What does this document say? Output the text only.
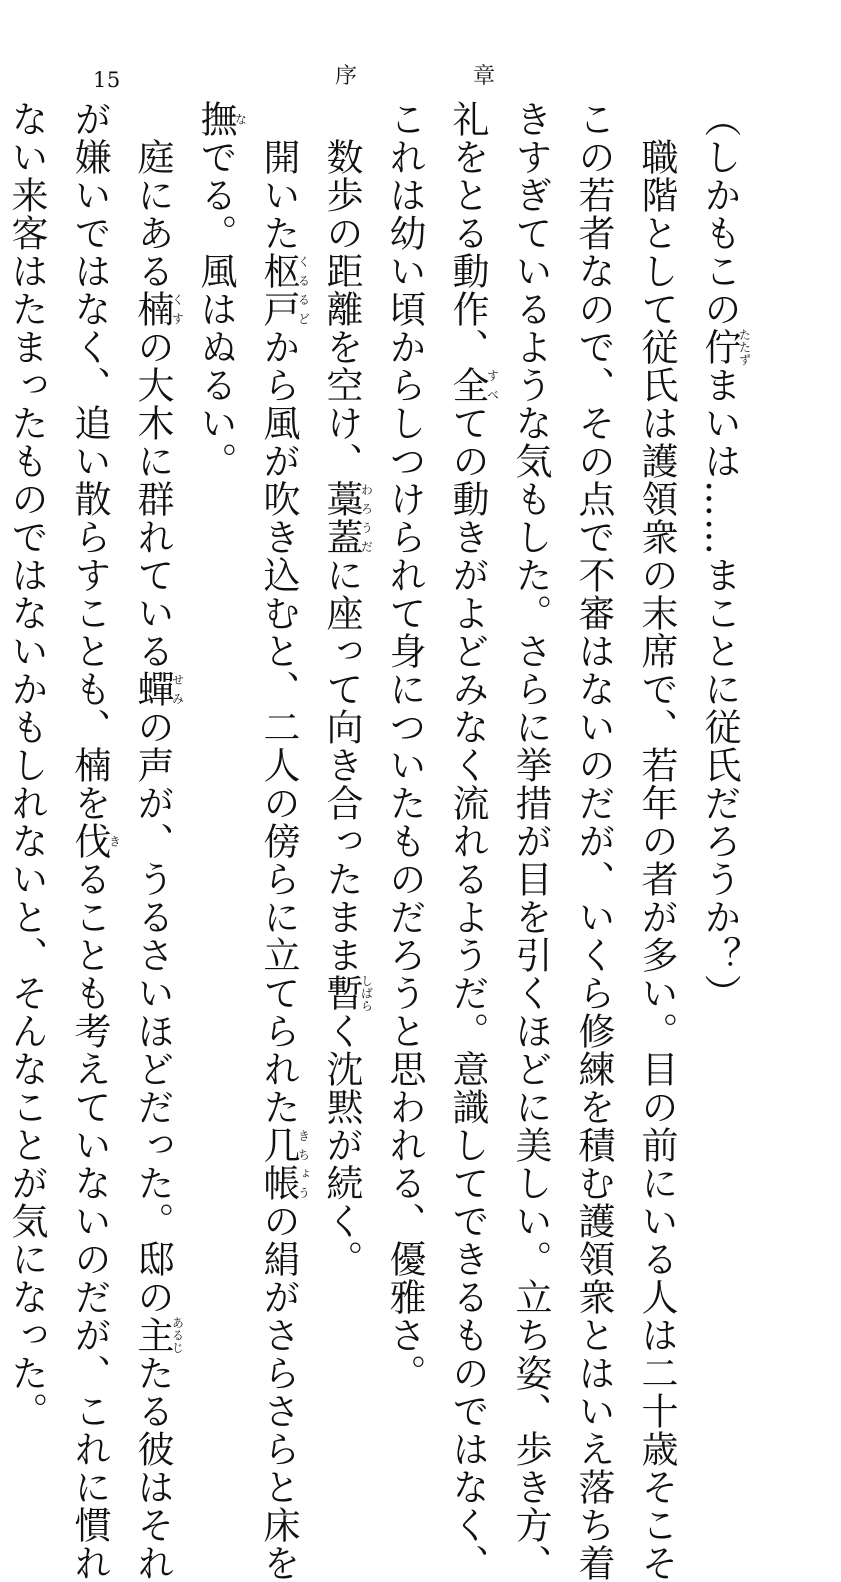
15	序	章

（しかもこの佇たたずまいは……まことに従氏だろうか？）

　職階として従氏は護領衆の末席で、若年の者が多い。目の前にいる人は二十歳そこそ

この若者なので、その点で不審はないのだが、いくら修練を積む護領衆とはいえ落ち着

きすぎているような気もした。さらに挙措が目を引くほどに美しい。立ち姿、歩き方、

礼をとる動作、全すべての動きがよどみなく流れるようだ。意識してできるものではなく、

これは幼い頃からしつけられて身についたものだろうと思われる、優雅さ。

　数歩の距離を空け、藁蓋わろうだに座って向き合ったまま暫しばらく沈黙が続く。

　開いた枢戸くるるどから風が吹き込むと、二人の傍らに立てられた几帳きちょうの絹がさらさらと床を

撫なでる。風はぬるい。

　庭にある楠くすの大木に群れている蟬せみの声が、うるさいほどだった。邸の主あるじたる彼はそれ

が嫌いではなく、追い散らすことも、楠を伐きることも考えていないのだが、これに慣れ

ない来客はたまったものではないかもしれないと、そんなことが気になった。
